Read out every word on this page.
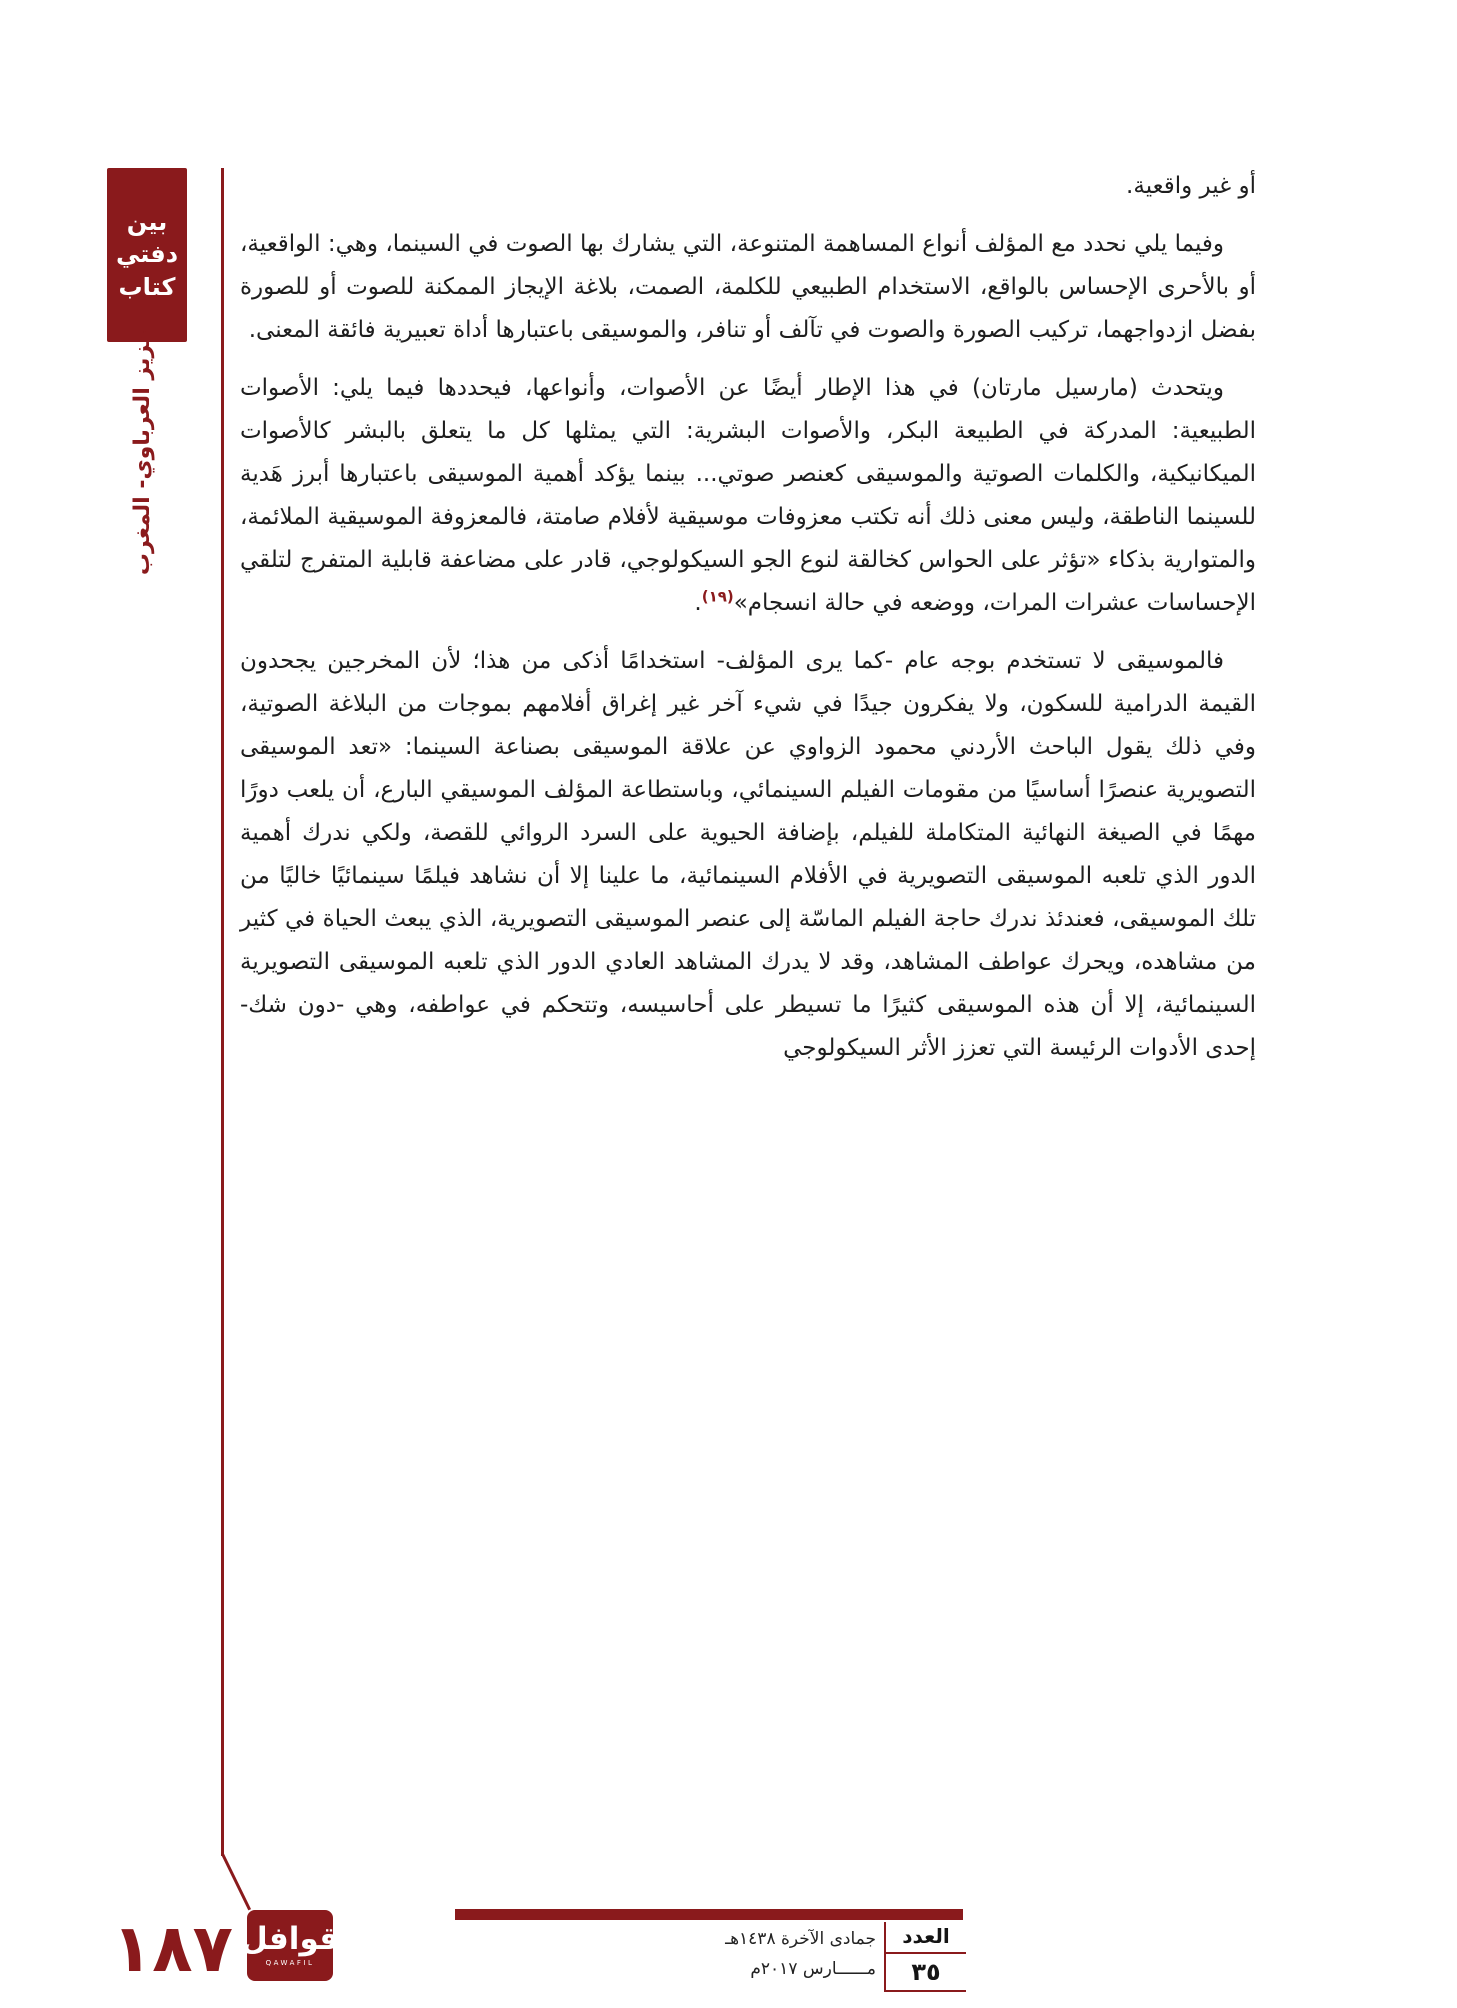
بين
دفتي
كتاب
عزيز العرباوي- المغرب

أو غير واقعية.

وفيما يلي نحدد مع المؤلف أنواع المساهمة المتنوعة، التي يشارك بها الصوت في السينما، وهي: الواقعية، أو بالأحرى الإحساس بالواقع، الاستخدام الطبيعي للكلمة، الصمت، بلاغة الإيجاز الممكنة للصوت أو للصورة بفضل ازدواجهما، تركيب الصورة والصوت في تآلف أو تنافر، والموسيقى باعتبارها أداة تعبيرية فائقة المعنى.

ويتحدث (مارسيل مارتان) في هذا الإطار أيضًا عن الأصوات، وأنواعها، فيحددها فيما يلي: الأصوات الطبيعية: المدركة في الطبيعة البكر، والأصوات البشرية: التي يمثلها كل ما يتعلق بالبشر كالأصوات الميكانيكية، والكلمات الصوتية والموسيقى كعنصر صوتي... بينما يؤكد أهمية الموسيقى باعتبارها أبرز هَدية للسينما الناطقة، وليس معنى ذلك أنه تكتب معزوفات موسيقية لأفلام صامتة، فالمعزوفة الموسيقية الملائمة، والمتوارية بذكاء «تؤثر على الحواس كخالقة لنوع الجو السيكولوجي، قادر على مضاعفة قابلية المتفرج لتلقي الإحساسات عشرات المرات، ووضعه في حالة انسجام»$^{(١٩)}$.

فالموسيقى لا تستخدم بوجه عام -كما يرى المؤلف- استخدامًا أذكى من هذا؛ لأن المخرجين يجحدون القيمة الدرامية للسكون، ولا يفكرون جيدًا في شيء آخر غير إغراق أفلامهم بموجات من البلاغة الصوتية، وفي ذلك يقول الباحث الأردني محمود الزواوي عن علاقة الموسيقى بصناعة السينما: «تعد الموسيقى التصويرية عنصرًا أساسيًا من مقومات الفيلم السينمائي، وباستطاعة المؤلف الموسيقي البارع، أن يلعب دورًا مهمًا في الصيغة النهائية المتكاملة للفيلم، بإضافة الحيوية على السرد الروائي للقصة، ولكي ندرك أهمية الدور الذي تلعبه الموسيقى التصويرية في الأفلام السينمائية، ما علينا إلا أن نشاهد فيلمًا سينمائيًا خاليًا من تلك الموسيقى، فعندئذ ندرك حاجة الفيلم الماسّة إلى عنصر الموسيقى التصويرية، الذي يبعث الحياة في كثير من مشاهده، ويحرك عواطف المشاهد، وقد لا يدرك المشاهد العادي الدور الذي تلعبه الموسيقى التصويرية السينمائية، إلا أن هذه الموسيقى كثيرًا ما تسيطر على أحاسيسه، وتتحكم في عواطفه، وهي -دون شك- إحدى الأدوات الرئيسة التي تعزز الأثر السيكولوجي

العدد
٣٥
جمادى الآخرة ١٤٣٨هـ
مــــــارس ٢٠١٧م
قوافل
QAWAFIL
١٨٧
